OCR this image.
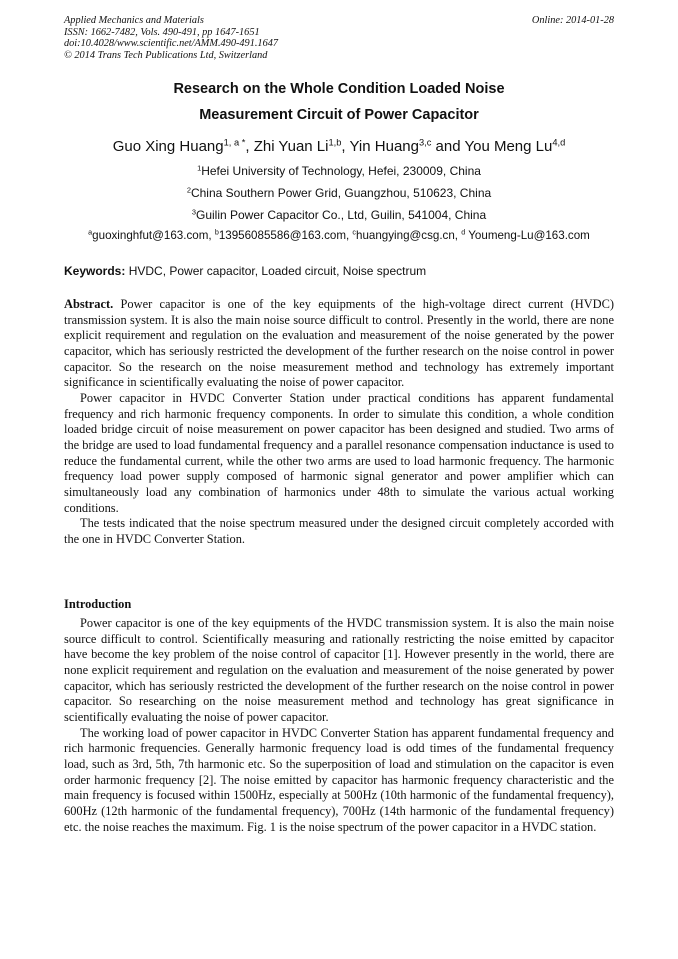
Applied Mechanics and Materials
ISSN: 1662-7482, Vols. 490-491, pp 1647-1651
doi:10.4028/www.scientific.net/AMM.490-491.1647
© 2014 Trans Tech Publications Ltd, Switzerland
Online: 2014-01-28
Research on the Whole Condition Loaded Noise
Measurement Circuit of Power Capacitor
Guo Xing Huang$^{1, a *}$, Zhi Yuan Li$^{1,b}$, Yin Huang$^{3,c}$ and You Meng Lu$^{4,d}$
$^1$Hefei University of Technology, Hefei, 230009, China
$^2$China Southern Power Grid, Guangzhou, 510623, China
$^3$Guilin Power Capacitor Co., Ltd, Guilin, 541004, China
$^a$guoxinghfut@163.com, $^b$13956085586@163.com, $^c$huangying@csg.cn, $^d$ Youmeng-Lu@163.com
Keywords: HVDC, Power capacitor, Loaded circuit, Noise spectrum

Abstract. Power capacitor is one of the key equipments of the high-voltage direct current (HVDC) transmission system. It is also the main noise source difficult to control. Presently in the world, there are none explicit requirement and regulation on the evaluation and measurement of the noise generated by the power capacitor, which has seriously restricted the development of the further research on the noise control in power capacitor. So the research on the noise measurement method and technology has extremely important significance in scientifically evaluating the noise of power capacitor.

Power capacitor in HVDC Converter Station under practical conditions has apparent fundamental frequency and rich harmonic frequency components. In order to simulate this condition, a whole condition loaded bridge circuit of noise measurement on power capacitor has been designed and studied. Two arms of the bridge are used to load fundamental frequency and a parallel resonance compensation inductance is used to reduce the fundamental current, while the other two arms are used to load harmonic frequency. The harmonic frequency load power supply composed of harmonic signal generator and power amplifier which can simultaneously load any combination of harmonics under 48th to simulate the various actual working conditions.

The tests indicated that the noise spectrum measured under the designed circuit completely accorded with the one in HVDC Converter Station.

Introduction

Power capacitor is one of the key equipments of the HVDC transmission system. It is also the main noise source difficult to control. Scientifically measuring and rationally restricting the noise emitted by capacitor have become the key problem of the noise control of capacitor [1]. However presently in the world, there are none explicit requirement and regulation on the evaluation and measurement of the noise generated by power capacitor, which has seriously restricted the development of the further research on the noise control in power capacitor. So researching on the noise measurement method and technology has great significance in scientifically evaluating the noise of power capacitor.

The working load of power capacitor in HVDC Converter Station has apparent fundamental frequency and rich harmonic frequencies. Generally harmonic frequency load is odd times of the fundamental frequency load, such as 3rd, 5th, 7th harmonic etc. So the superposition of load and stimulation on the capacitor is even order harmonic frequency [2]. The noise emitted by capacitor has harmonic frequency characteristic and the main frequency is focused within 1500Hz, especially at 500Hz (10th harmonic of the fundamental frequency), 600Hz (12th harmonic of the fundamental frequency), 700Hz (14th harmonic of the fundamental frequency) etc. the noise reaches the maximum. Fig. 1 is the noise spectrum of the power capacitor in a HVDC station.
